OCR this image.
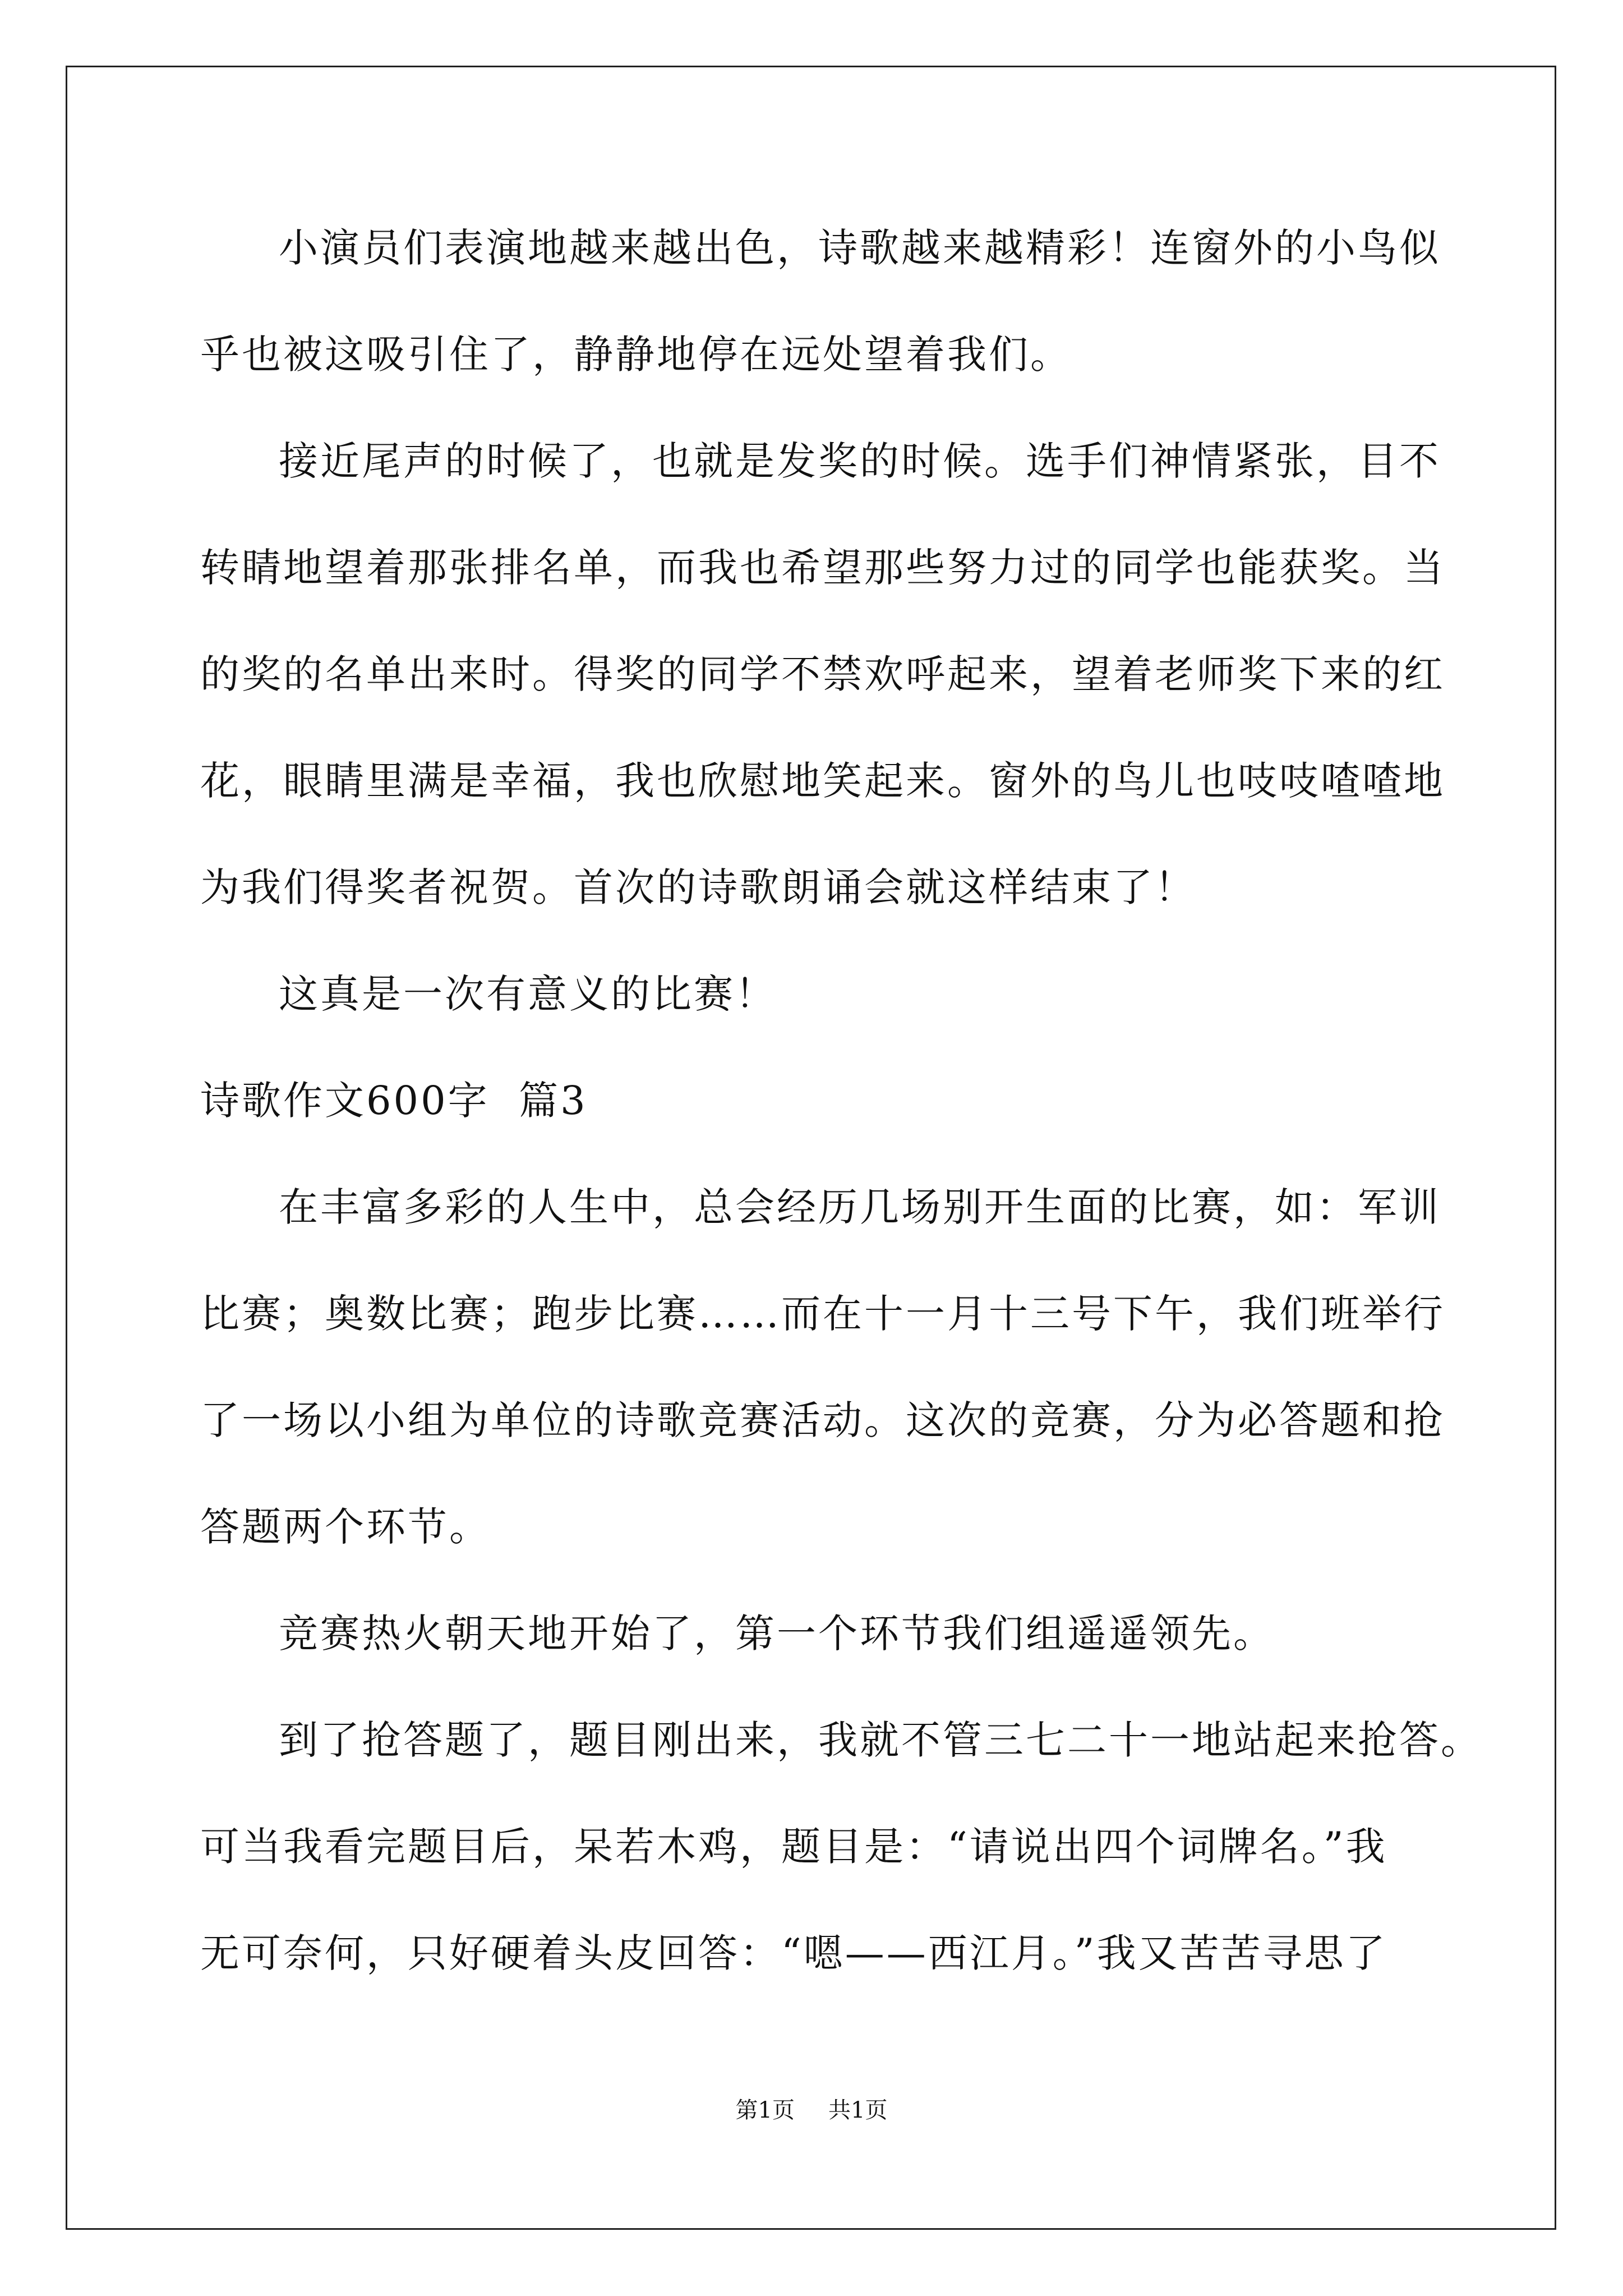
小演员们表演地越来越出色，诗歌越来越精彩！连窗外的小鸟似
乎也被这吸引住了，静静地停在远处望着我们。
接近尾声的时候了，也就是发奖的时候。选手们神情紧张，目不
转睛地望着那张排名单，而我也希望那些努力过的同学也能获奖。当
的奖的名单出来时。得奖的同学不禁欢呼起来，望着老师奖下来的红
花，眼睛里满是幸福，我也欣慰地笑起来。窗外的鸟儿也吱吱喳喳地
为我们得奖者祝贺。首次的诗歌朗诵会就这样结束了！
这真是一次有意义的比赛！
诗歌作文600字  篇3
在丰富多彩的人生中，总会经历几场别开生面的比赛，如：军训
比赛；奥数比赛；跑步比赛……而在十一月十三号下午，我们班举行
了一场以小组为单位的诗歌竞赛活动。这次的竞赛，分为必答题和抢
答题两个环节。
竞赛热火朝天地开始了，第一个环节我们组遥遥领先。
到了抢答题了，题目刚出来，我就不管三七二十一地站起来抢答。
可当我看完题目后，呆若木鸡，题目是：“请说出四个词牌名。”我
无可奈何，只好硬着头皮回答：“嗯——西江月。”我又苦苦寻思了
第1页 共1页
